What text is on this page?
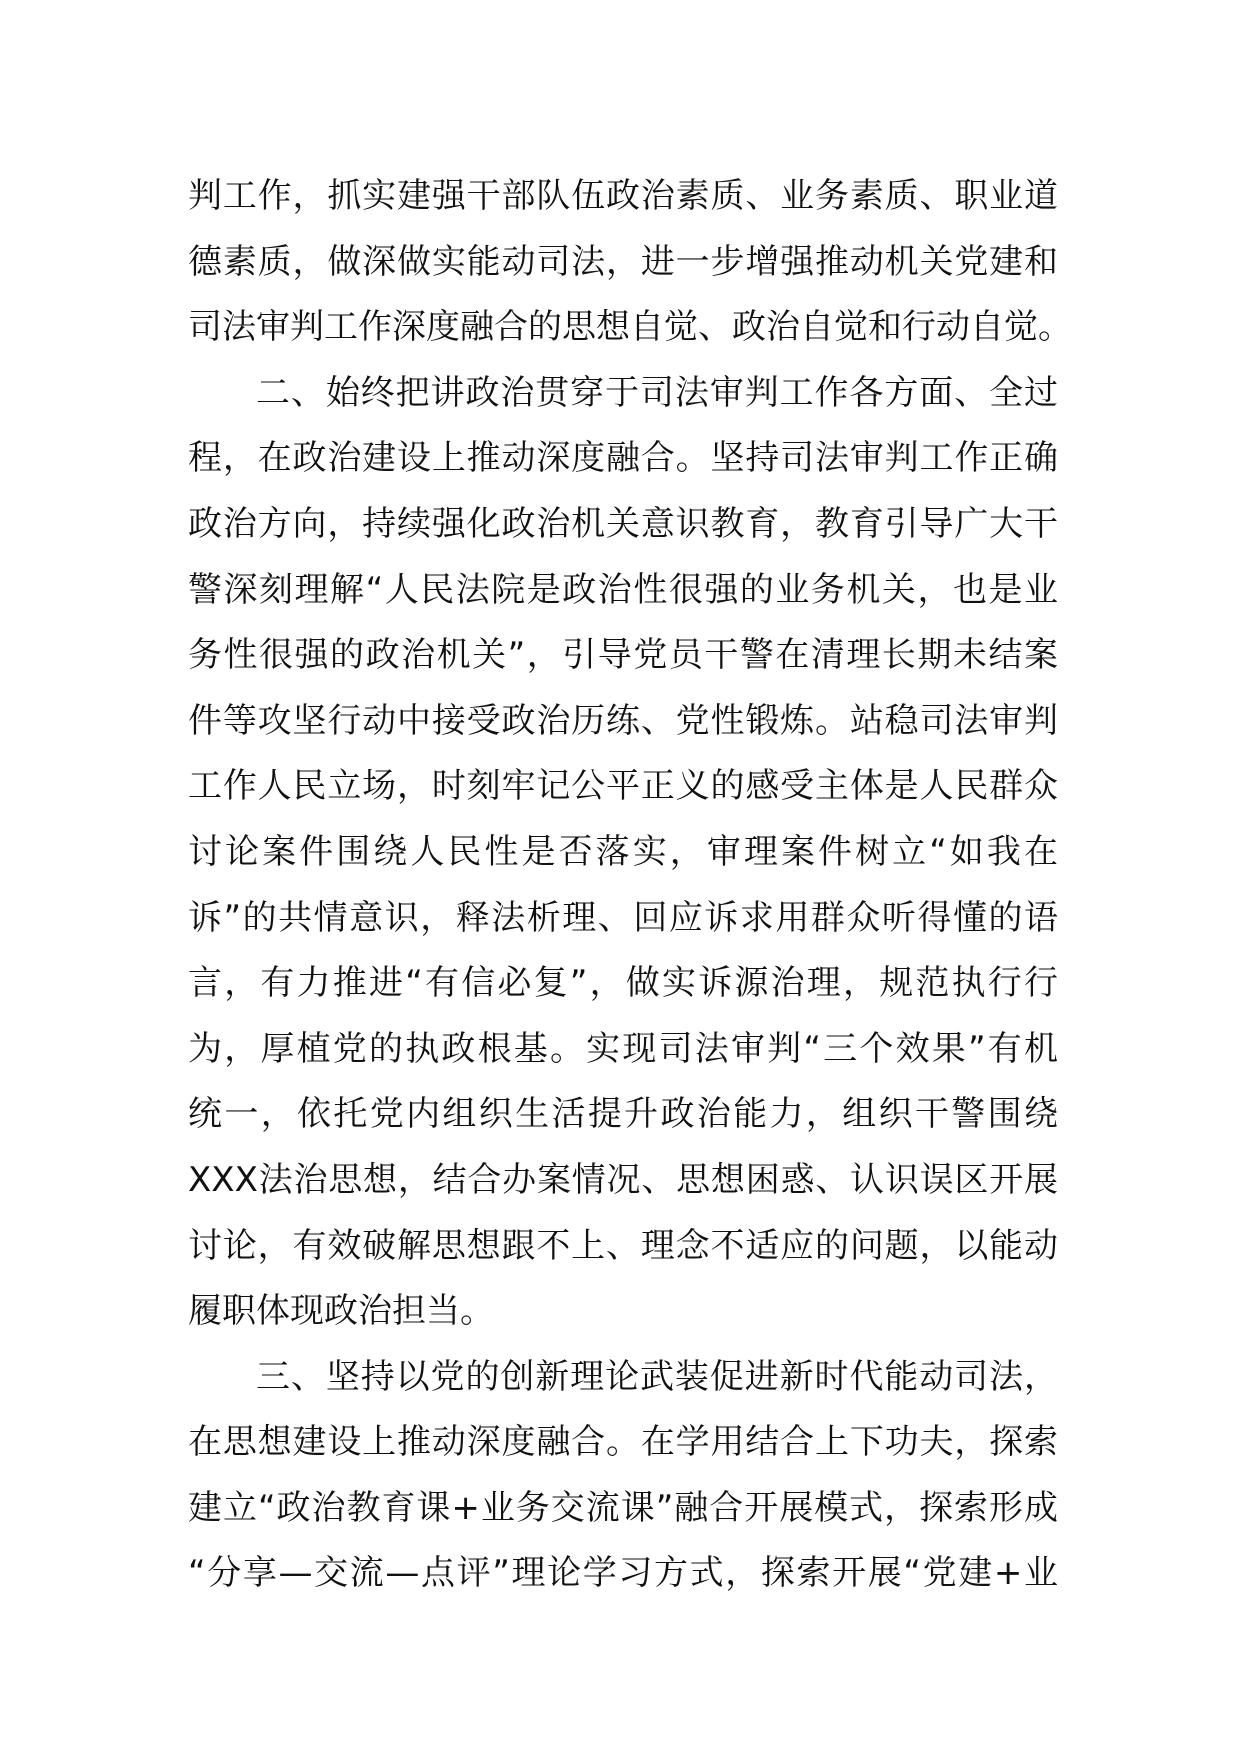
判工作，抓实建强干部队伍政治素质、业务素质、职业道
德素质，做深做实能动司法，进一步增强推动机关党建和
司法审判工作深度融合的思想自觉、政治自觉和行动自觉。
二、始终把讲政治贯穿于司法审判工作各方面、全过
程，在政治建设上推动深度融合。坚持司法审判工作正确
政治方向，持续强化政治机关意识教育，教育引导广大干
警深刻理解“人民法院是政治性很强的业务机关，也是业
务性很强的政治机关”，引导党员干警在清理长期未结案
件等攻坚行动中接受政治历练、党性锻炼。站稳司法审判
工作人民立场，时刻牢记公平正义的感受主体是人民群众
讨论案件围绕人民性是否落实，审理案件树立“如我在
诉”的共情意识，释法析理、回应诉求用群众听得懂的语
言，有力推进“有信必复”，做实诉源治理，规范执行行
为，厚植党的执政根基。实现司法审判“三个效果”有机
统一，依托党内组织生活提升政治能力，组织干警围绕
XXX法治思想，结合办案情况、思想困惑、认识误区开展
讨论，有效破解思想跟不上、理念不适应的问题，以能动
履职体现政治担当。
三、坚持以党的创新理论武装促进新时代能动司法，
在思想建设上推动深度融合。在学用结合上下功夫，探索
建立“政治教育课+业务交流课”融合开展模式，探索形成
“分享—交流—点评”理论学习方式，探索开展“党建+业
